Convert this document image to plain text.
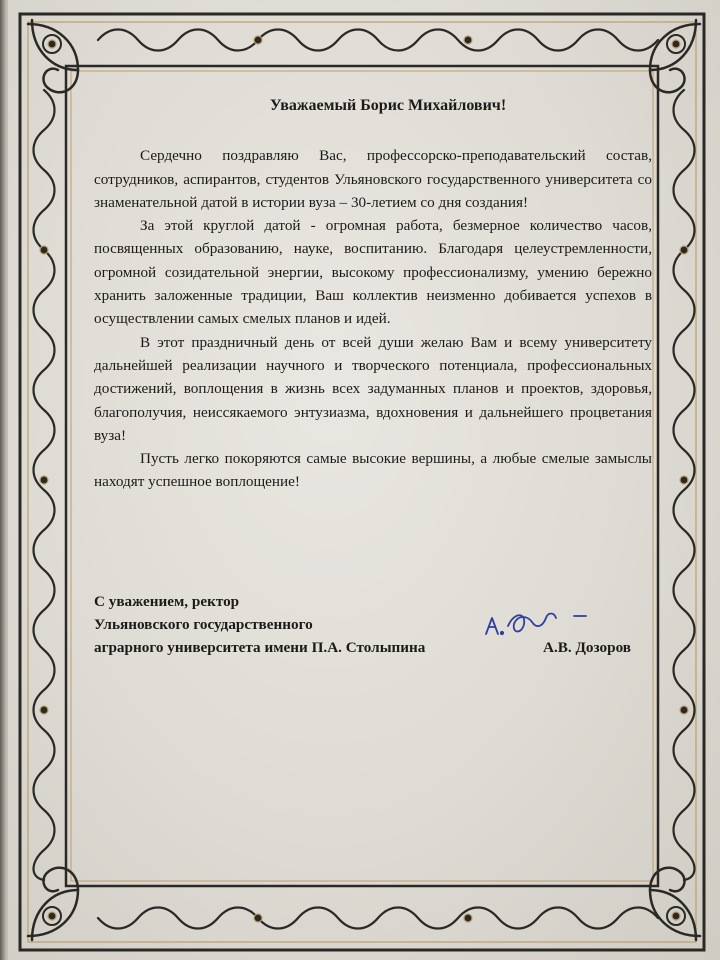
Уважаемый Борис Михайлович!

Сердечно поздравляю Вас, профессорско-преподавательский состав, сотрудников, аспирантов, студентов Ульяновского государственного университета со знаменательной датой в истории вуза – 30-летием со дня создания!

За этой круглой датой - огромная работа, безмерное количество часов, посвященных образованию, науке, воспитанию. Благодаря целеустремленности, огромной созидательной энергии, высокому профессионализму, умению бережно хранить заложенные традиции, Ваш коллектив неизменно добивается успехов в осуществлении самых смелых планов и идей.

В этот праздничный день от всей души желаю Вам и всему университету дальнейшей реализации научного и творческого потенциала, профессиональных достижений, воплощения в жизнь всех задуманных планов и проектов, здоровья, благополучия, неиссякаемого энтузиазма, вдохновения и дальнейшего процветания вуза!

Пусть легко покоряются самые высокие вершины, а любые смелые замыслы находят успешное воплощение!

С уважением, ректор
Ульяновского государственного
аграрного университета имени П.А. Столыпина	А.В. Дозоров
